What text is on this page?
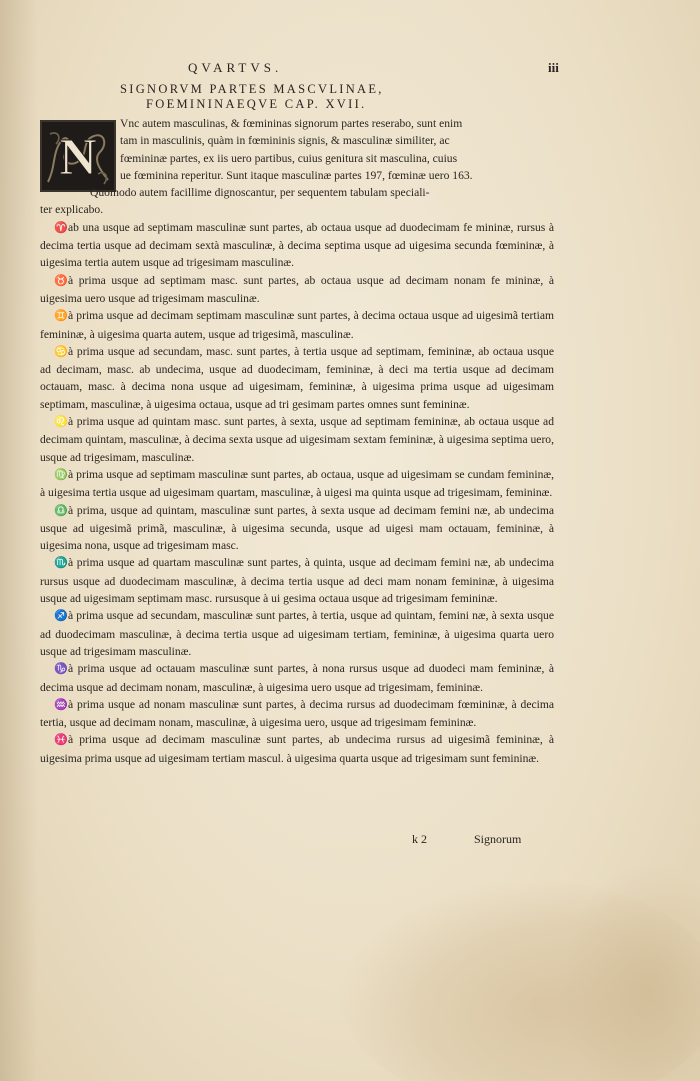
QVARTVS.	iii
SIGNORVM PARTES MASCVLINAE,
FOEMININAEQVE CAP. XVII.
N

Vnc autem masculinas, & fœmininas signorum partes reserabo, sunt enim
tam in masculinis, quàm in fœmininis signis, & masculinæ similiter, ac
fœmininæ partes, ex iis uero partibus, cuius genitura sit masculina, cuius
ue fœminina reperitur. Sunt itaque masculinæ partes 197, fœminæ uero 163.
Quomodo autem facillime dignoscantur, per sequentem tabulam speciali-
ter explicabo.

♈ab una usque ad septimam masculinæ sunt partes, ab octaua usque ad duodecimam fe mininæ, rursus à decima tertia usque ad decimam sextà masculinæ, à decima septima usque ad uigesima secunda fœmininæ, à uigesima tertia autem usque ad trigesimam masculinæ.

♉à prima usque ad septimam masc. sunt partes, ab octaua usque ad decimam nonam fe mininæ, à uigesima uero usque ad trigesimam masculinæ.

♊à prima usque ad decimam septimam masculinæ sunt partes, à decima octaua usque ad uigesimã tertiam femininæ, à uigesima quarta autem, usque ad trigesimã, masculinæ.

♋à prima usque ad secundam, masc. sunt partes, à tertia usque ad septimam, femininæ, ab octaua usque ad decimam, masc. ab undecima, usque ad duodecimam, femininæ, à deci ma tertia usque ad decimam octauam, masc. à decima nona usque ad uigesimam, femininæ, à uigesima prima usque ad uigesimam septimam, masculinæ, à uigesima octaua, usque ad tri gesimam partes omnes sunt femininæ.

♌à prima usque ad quintam masc. sunt partes, à sexta, usque ad septimam femininæ, ab octaua usque ad decimam quintam, masculinæ, à decima sexta usque ad uigesimam sextam femininæ, à uigesima septima uero, usque ad trigesimam, masculinæ.

♍à prima usque ad septimam masculinæ sunt partes, ab octaua, usque ad uigesimam se cundam femininæ, à uigesima tertia usque ad uigesimam quartam, masculinæ, à uigesi ma quinta usque ad trigesimam, femininæ.

♎à prima, usque ad quintam, masculinæ sunt partes, à sexta usque ad decimam femini næ, ab undecima usque ad uigesimã primã, masculinæ, à uigesima secunda, usque ad uigesi mam octauam, femininæ, à uigesima nona, usque ad trigesimam masc.

♏à prima usque ad quartam masculinæ sunt partes, à quinta, usque ad decimam femini næ, ab undecima rursus usque ad duodecimam masculinæ, à decima tertia usque ad deci mam nonam femininæ, à uigesima usque ad uigesimam septimam masc. rursusque à ui gesima octaua usque ad trigesimam femininæ.

♐à prima usque ad secundam, masculinæ sunt partes, à tertia, usque ad quintam, femini næ, à sexta usque ad duodecimam masculinæ, à decima tertia usque ad uigesimam tertiam, femininæ, à uigesima quarta uero usque ad trigesimam masculinæ.

♑à prima usque ad octauam masculinæ sunt partes, à nona rursus usque ad duodeci mam femininæ, à decima usque ad decimam nonam, masculinæ, à uigesima uero usque ad trigesimam, femininæ.

♒à prima usque ad nonam masculinæ sunt partes, à decima rursus ad duodecimam fœmininæ, à decima tertia, usque ad decimam nonam, masculinæ, à uigesima uero, usque ad trigesimam femininæ.

♓à prima usque ad decimam masculinæ sunt partes, ab undecima rursus ad uigesimã femininæ, à uigesima prima usque ad uigesimam tertiam mascul. à uigesima quarta usque ad trigesimam sunt femininæ.

k 2	Signorum
